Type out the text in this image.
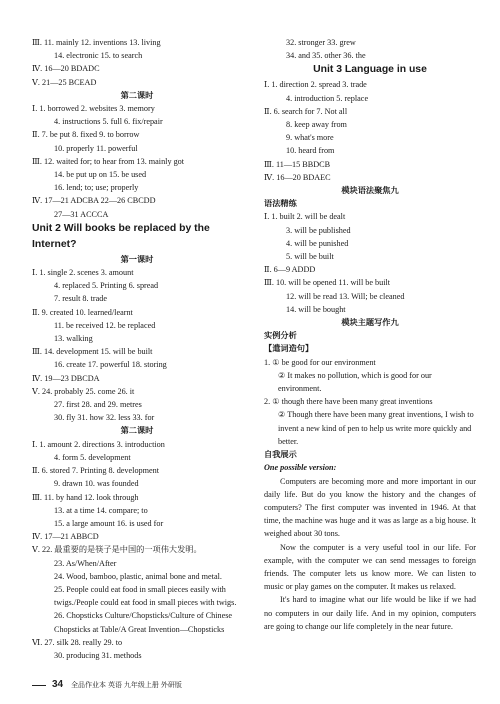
Ⅲ. 11. mainly 12. inventions 13. living
14. electronic 15. to search
Ⅳ. 16—20 BDADC
Ⅴ. 21—25 BCEAD
第二课时
Ⅰ. 1. borrowed 2. websites 3. memory
4. instructions 5. full 6. fix/repair
Ⅱ. 7. be put 8. fixed 9. to borrow
10. properly 11. powerful
Ⅲ. 12. waited for; to hear from 13. mainly got
14. be put up on 15. be used
16. lend; to; use; properly
Ⅳ. 17—21 ADCBA 22—26 CBCDD
27—31 ACCCA
Unit 2 Will books be replaced by the Internet?
第一课时
Ⅰ. 1. single 2. scenes 3. amount
4. replaced 5. Printing 6. spread
7. result 8. trade
Ⅱ. 9. created 10. learned/learnt
11. be received 12. be replaced
13. walking
Ⅲ. 14. development 15. will be built
16. create 17. powerful 18. storing
Ⅳ. 19—23 DBCDA
Ⅴ. 24. probably 25. come 26. it
27. first 28. and 29. metres
30. fly 31. how 32. less 33. for
第二课时
Ⅰ. 1. amount 2. directions 3. introduction
4. form 5. development
Ⅱ. 6. stored 7. Printing 8. development
9. drawn 10. was founded
Ⅲ. 11. by hand 12. look through
13. at a time 14. compare; to
15. a large amount 16. is used for
Ⅳ. 17—21 ABBCD
Ⅴ. 22. 最重要的是筷子是中国的一项伟大发明。
23. As/When/After
24. Wood, bamboo, plastic, animal bone and metal.
25. People could eat food in small pieces easily with twigs./People could eat food in small pieces with twigs.
26. Chopsticks Culture/Chopsticks/Culture of Chinese Chopsticks at Table/A Great Invention—Chopsticks
Ⅵ. 27. silk 28. really 29. to
30. producing 31. methods
32. stronger 33. grew
34. and 35. other 36. the
Unit 3 Language in use
Ⅰ. 1. direction 2. spread 3. trade
4. introduction 5. replace
Ⅱ. 6. search for 7. Not all
8. keep away from
9. what's more
10. heard from
Ⅲ. 11—15 BBDCB
Ⅳ. 16—20 BDAEC
模块语法聚焦九
语法精练
Ⅰ. 1. built 2. will be dealt
3. will be published
4. will be punished
5. will be built
Ⅱ. 6—9 ADDD
Ⅲ. 10. will be opened 11. will be built
12. will be read 13. Will; be cleaned
14. will be bought
模块主题写作九
实例分析
【遣词造句】
1. ① be good for our environment
② It makes no pollution, which is good for our environment.
2. ① though there have been many great inventions
② Though there have been many great inventions, I wish to invent a new kind of pen to help us write more quickly and better.
自我展示
One possible version:
Computers are becoming more and more important in our daily life. But do you know the history and the changes of computers? The first computer was invented in 1946. At that time, the machine was huge and it was as large as a big house. It weighed about 30 tons.
Now the computer is a very useful tool in our life. For example, with the computer we can send messages to foreign friends. The computer lets us know more. We can listen to music or play games on the computer. It makes us relaxed.
It's hard to imagine what our life would be like if we had no computers in our daily life. And in my opinion, computers are going to change our life completely in the near future.
34 全品作业本 英语 九年级上册 外研版
